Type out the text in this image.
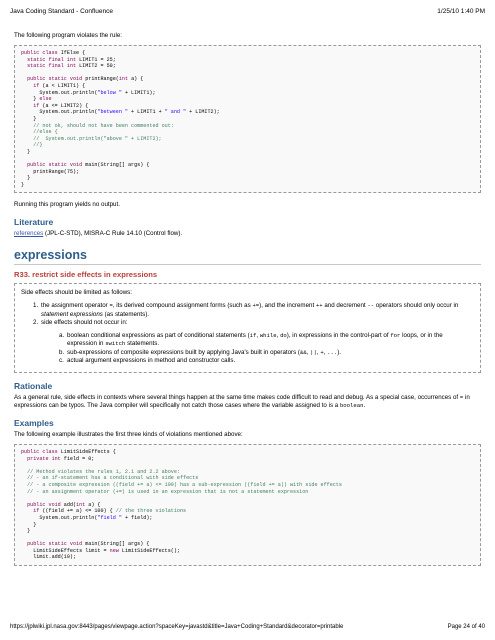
Java Coding Standard - Confluence	1/25/10 1:40 PM

The following program violates the rule:

public class IfElse {
static final int LIMIT1 = 25;
static final int LIMIT2 = 50;
public static void printRange(int a) {
if (a < LIMIT1) {
System.out.println("below " + LIMIT1);
} else
if (a <= LIMIT2) {
System.out.println("between " + LIMIT1 + " and " + LIMIT2);
}
// not ok, should not have been commented out:
//else {
//  System.out.println("above " + LIMIT2);
//}
}
public static void main(String[] args) {
printRange(75);
}
}

Running this program yields no output.

Literature

references (JPL-C-STD), MISRA-C Rule 14.10 (Control flow).

expressions
R33. restrict side effects in expressions

Side effects should be limited as follows:

1. the assignment operator =, its derived compound assignment forms (such as +=), and the increment ++ and decrement -- operators should only occur in statement expressions (as statements).
2. side effects should not occur in:
a. boolean conditional expressions as part of conditional statements (if, while, do), in expressions in the control-part of for loops, or in the expression in switch statements.
b. sub-expressions of composite expressions built by applying Java's built in operators (&&, ||, +, ...).
c. actual argument expressions in method and constructor calls.
Rationale

As a general rule, side effects in contexts where several things happen at the same time makes code difficult to read and debug. As a special case, occurrences of = in expressions can be typos. The Java compiler will specifically not catch those cases where the variable assigned to is a boolean.

Examples

The following example illustrates the first three kinds of violations mentioned above:

public class LimitSideEffects {
private int field = 0;
// Method violates the rules 1, 2.1 and 2.2 above:
// - an if-statement has a conditional with side effects
// - a composite expression ((field += a) <= 100) has a sub-expression ((field += a)) with side effects
// - an assignment operator (+=) is used in an expression that is not a statement expression
public void add(int a) {
if ((field += a) <= 100) { // the three violations
System.out.println("field " + field);
}
}
public static void main(String[] args) {
LimitSideEffects limit = new LimitSideEffects();
limit.add(10);
https://jplwiki.jpl.nasa.gov:8443/pages/viewpage.action?spaceKey=javastd&title=Java+Coding+Standard&decorator=printable	Page 24 of 40
